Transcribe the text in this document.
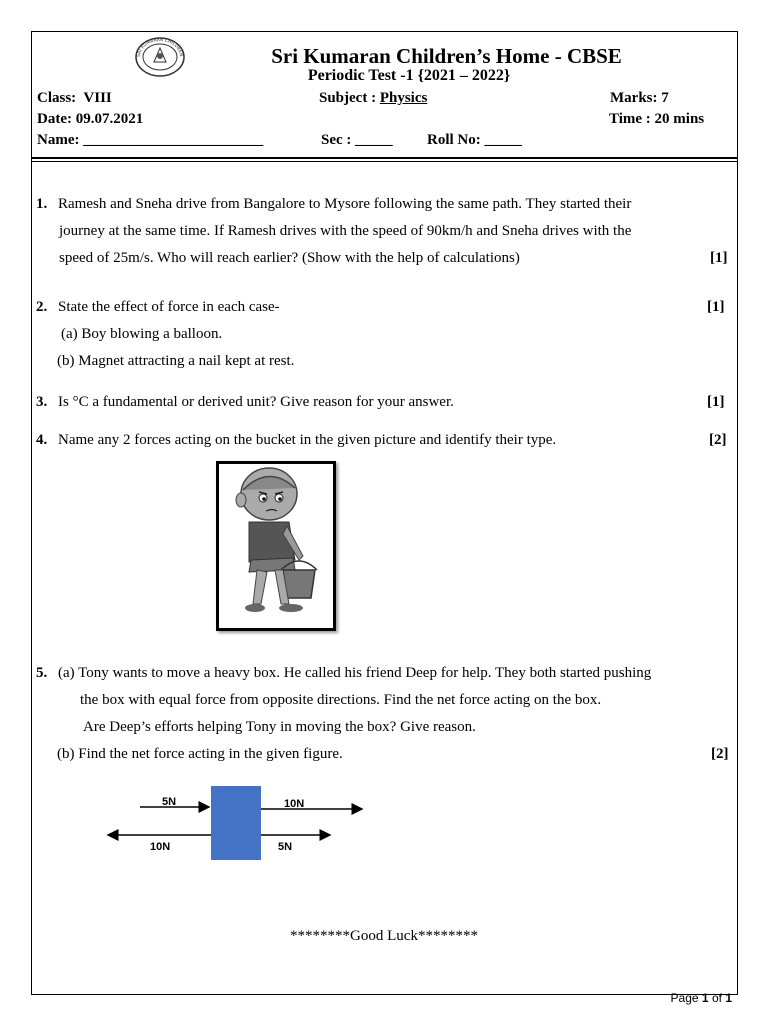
SRI KUMARAN CHILDREN	Sri Kumaran Children’s Home - CBSE
Periodic Test -1 {2021 – 2022}
Class: VIII	Subject : Physics	Marks: 7
Date: 09.07.2021	Time : 20 mins
Name: ________________________	Sec : _____ Roll No: _____
1. Ramesh and Sneha drive from Bangalore to Mysore following the same path. They started their
journey at the same time. If Ramesh drives with the speed of 90km/h and Sneha drives with the
speed of 25m/s. Who will reach earlier? (Show with the help of calculations)	[1]
2. State the effect of force in each case-	[1]
(a) Boy blowing a balloon.
(b) Magnet attracting a nail kept at rest.
3. Is °C a fundamental or derived unit? Give reason for your answer.	[1]
4. Name any 2 forces acting on the bucket in the given picture and identify their type.	[2]
5. (a) Tony wants to move a heavy box. He called his friend Deep for help. They both started pushing
the box with equal force from opposite directions. Find the net force acting on the box.
Are Deep’s efforts helping Tony in moving the box? Give reason.
(b) Find the net force acting in the given figure.	[2]
5N	10N
10N	5N
********Good Luck********
Page 1 of 1
